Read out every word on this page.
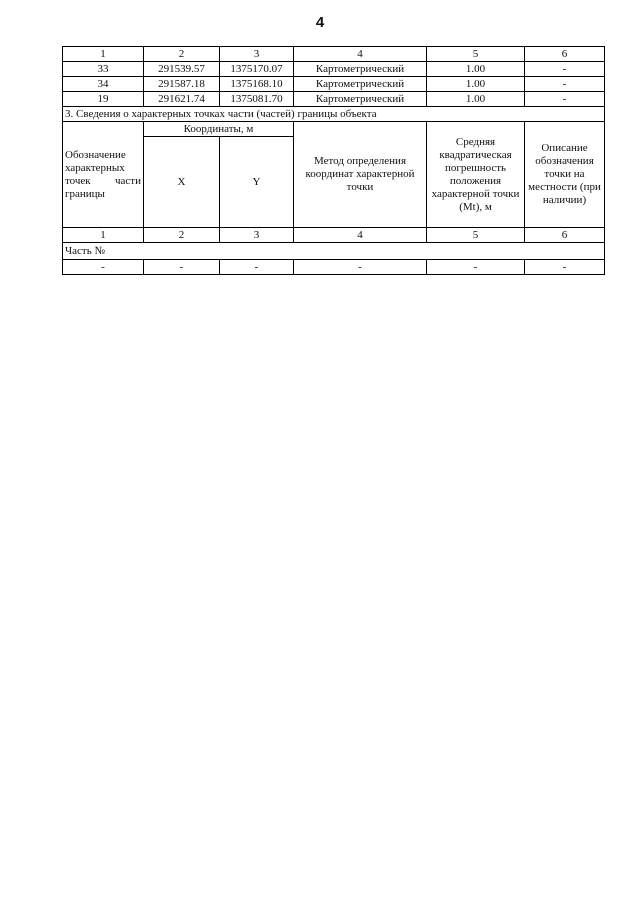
4
1	2	3	4	5	6
33	291539.57	1375170.07	Картометрический	1.00	-
34	291587.18	1375168.10	Картометрический	1.00	-
19	291621.74	1375081.70	Картометрический	1.00	-
3. Сведения о характерных точках части (частей) границы объекта					

Обозначение характерных точек части границы	Координаты, м		Метод определения координат характерной точки	Средняя квадратическая погрешность положения характерной точки (Mt), м	Описание обозначения точки на местности (при наличии)
	X	Y			
1	2	3	4	5	6
Часть №					
-	-	-	-	-	-
